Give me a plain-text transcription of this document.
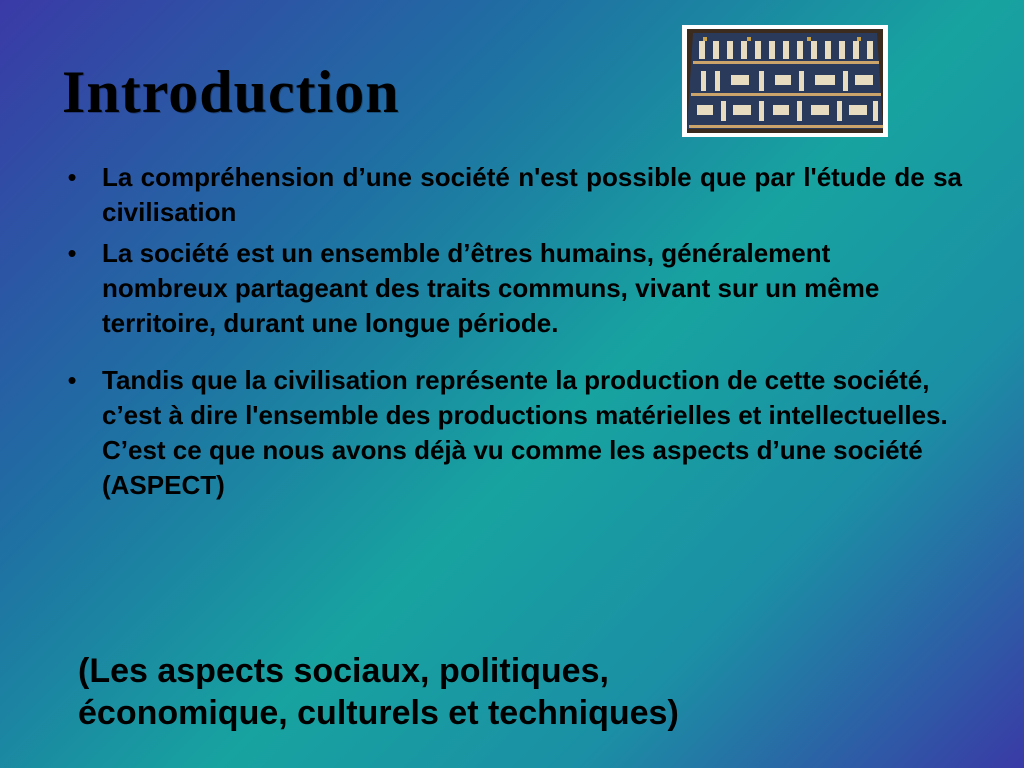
Introduction
• La compréhension d’une société n'est possible que par l'étude de sa civilisation
• La société est un ensemble d’êtres humains, généralement nombreux partageant des traits communs, vivant sur un même territoire, durant une longue période.
• Tandis que la civilisation représente la production de cette société, c’est à dire l'ensemble des productions matérielles et intellectuelles. C’est ce que nous avons déjà vu comme les aspects d’une société (ASPECT)
(Les aspects sociaux, politiques,
économique, culturels et techniques)
